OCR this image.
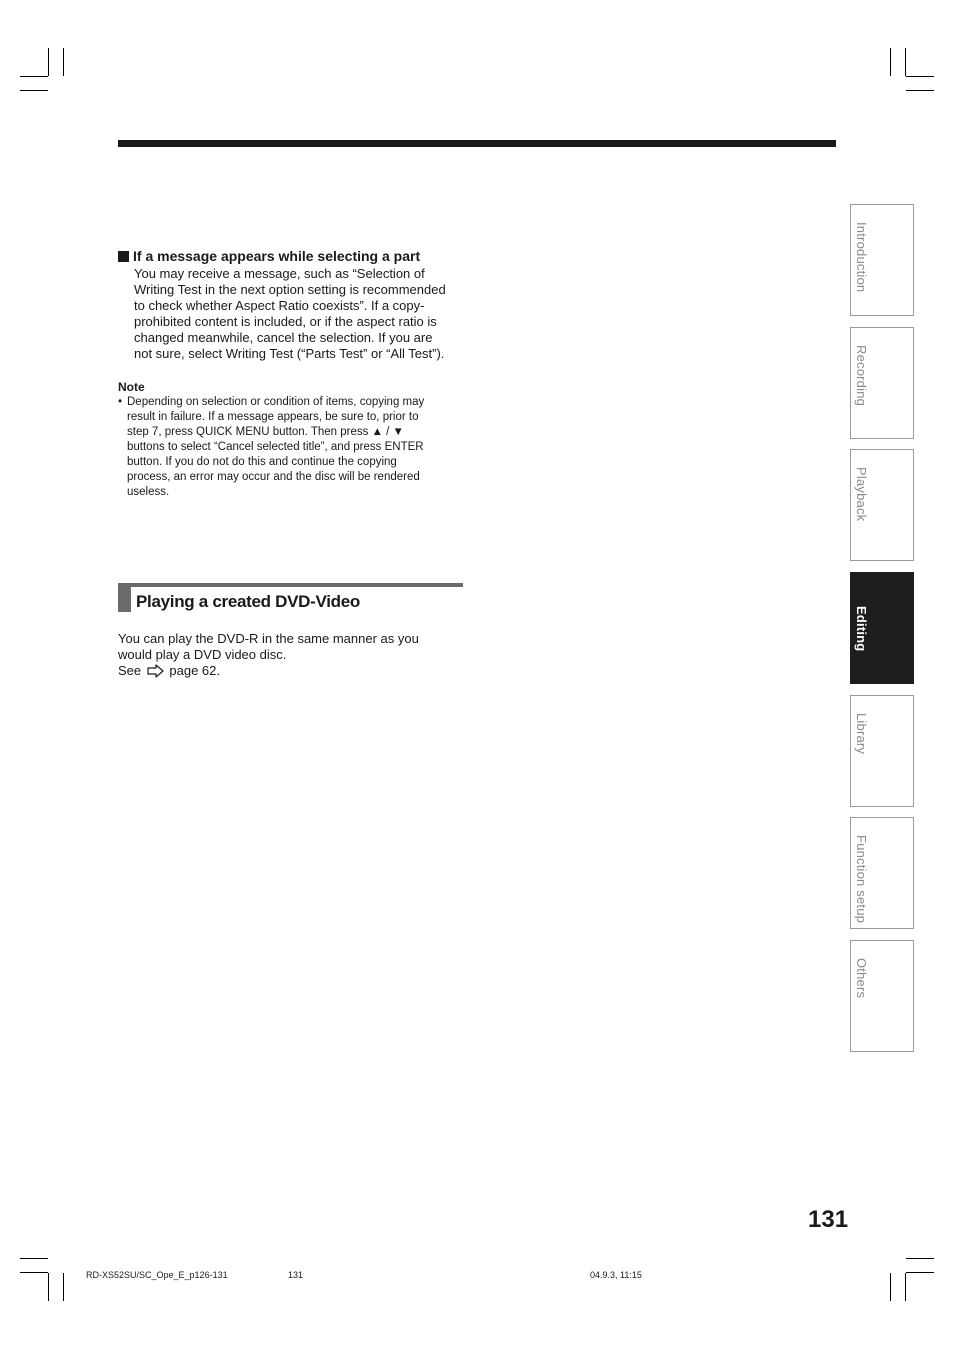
If a message appears while selecting a part

You may receive a message, such as “Selection of
Writing Test in the next option setting is recommended
to check whether Aspect Ratio coexists”. If a copy-
prohibited content is included, or if the aspect ratio is
changed meanwhile, cancel the selection. If you are
not sure, select Writing Test (“Parts Test” or “All Test”).

Note
• Depending on selection or condition of items, copying may
result in failure. If a message appears, be sure to, prior to
step 7, press QUICK MENU button. Then press ▲ / ▼
buttons to select “Cancel selected title”, and press ENTER
button. If you do not do this and continue the copying
process, an error may occur and the disc will be rendered
useless.
Playing a created DVD-Video
You can play the DVD-R in the same manner as you
would play a DVD video disc.
See page 62.
Introduction
Recording
Playback
Editing
Library
Function setup
Others
131
RD-XS52SU/SC_Ope_E_p126-131	131	04.9.3, 11:15
